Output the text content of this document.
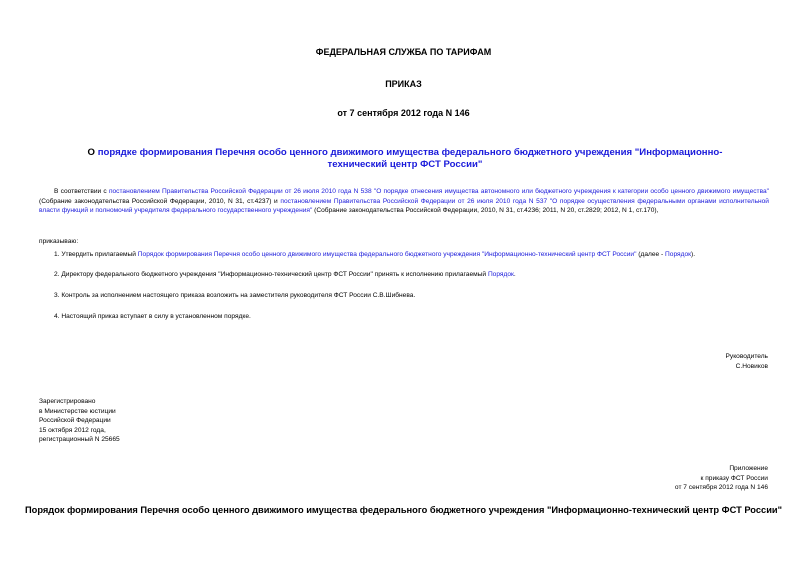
ФЕДЕРАЛЬНАЯ СЛУЖБА ПО ТАРИФАМ
ПРИКАЗ
от 7 сентября 2012 года N 146
О порядке формирования Перечня особо ценного движимого имущества федерального бюджетного учреждения "Информационно-технический центр ФСТ России"
В соответствии с постановлением Правительства Российской Федерации от 26 июля 2010 года N 538 "О порядке отнесения имущества автономного или бюджетного учреждения к категории особо ценного движимого имущества" (Собрание законодательства Российской Федерации, 2010, N 31, ст.4237) и постановлением Правительства Российской Федерации от 26 июля 2010 года N 537 "О порядке осуществления федеральными органами исполнительной власти функций и полномочий учредителя федерального государственного учреждения" (Собрание законодательства Российской Федерации, 2010, N 31, ст.4236; 2011, N 20, ст.2829; 2012, N 1, ст.170),
приказываю:
1. Утвердить прилагаемый Порядок формирования Перечня особо ценного движимого имущества федерального бюджетного учреждения "Информационно-технический центр ФСТ России" (далее - Порядок).
2. Директору федерального бюджетного учреждения "Информационно-технический центр ФСТ России" принять к исполнению прилагаемый Порядок.
3. Контроль за исполнением настоящего приказа возложить на заместителя руководителя ФСТ России С.В.Шибнева.
4. Настоящий приказ вступает в силу в установленном порядке.
Руководитель
С.Новиков
Зарегистрировано
в Министерстве юстиции
Российской Федерации
15 октября 2012 года,
регистрационный N 25665
Приложение
к приказу ФСТ России
от 7 сентября 2012 года N 146
Порядок формирования Перечня особо ценного движимого имущества федерального бюджетного учреждения "Информационно-технический центр ФСТ России"
